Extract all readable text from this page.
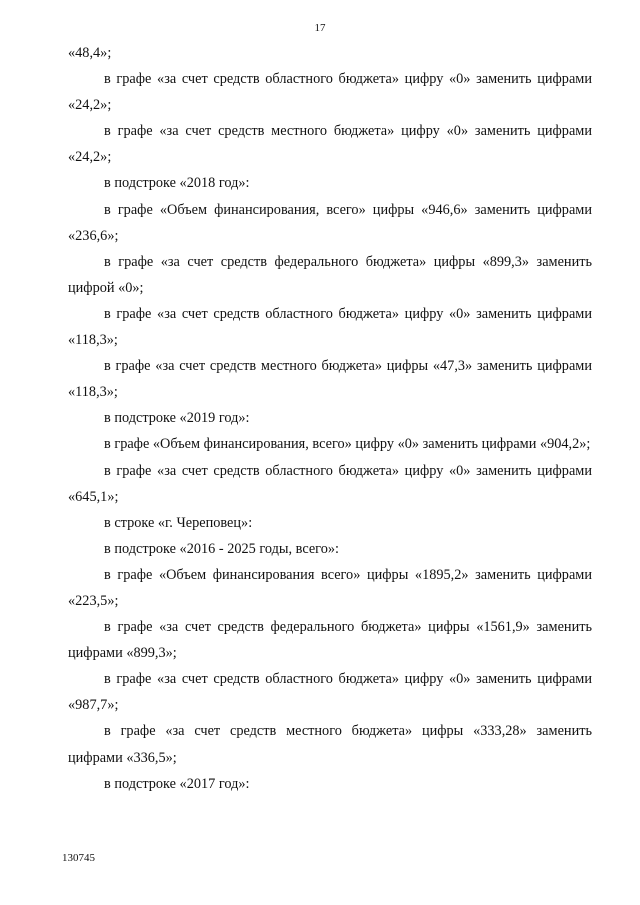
17

«48,4»;

в графе «за счет средств областного бюджета» цифру «0» заменить цифрами «24,2»;

в графе «за счет средств местного бюджета» цифру «0» заменить цифрами «24,2»;

в подстроке «2018 год»:

в графе «Объем финансирования, всего» цифры «946,6» заменить цифрами «236,6»;

в графе «за счет средств федерального бюджета» цифры «899,3» заменить цифрой «0»;

в графе «за счет средств областного бюджета» цифру «0» заменить цифрами «118,3»;

в графе «за счет средств местного бюджета» цифры «47,3» заменить цифрами «118,3»;

в подстроке «2019 год»:

в графе «Объем финансирования, всего» цифру «0» заменить цифрами «904,2»;

в графе «за счет средств областного бюджета» цифру «0» заменить цифрами «645,1»;

в строке «г. Череповец»:

в подстроке «2016 - 2025 годы, всего»:

в графе «Объем финансирования всего» цифры «1895,2» заменить цифрами «223,5»;

в графе «за счет средств федерального бюджета» цифры «1561,9» заменить цифрами «899,3»;

в графе «за счет средств областного бюджета» цифру «0» заменить цифрами «987,7»;

в графе «за счет средств местного бюджета» цифры «333,28» заменить цифрами «336,5»;

в подстроке «2017 год»:

130745
